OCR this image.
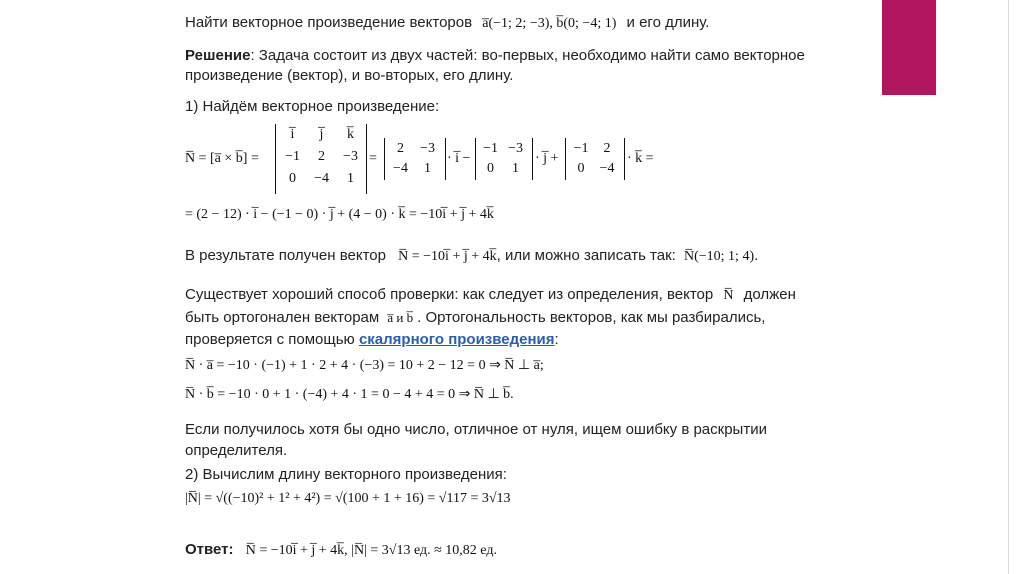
Найти векторное произведение векторов a̅(−1; 2; −3), b̅(0; −4; 1) и его длину.
Решение: Задача состоит из двух частей: во-первых, необходимо найти само векторное
произведение (вектор), и во-вторых, его длину.
1) Найдём векторное произведение:
N̅ = [a̅ × b̅] =
i̅	j̅	k̅
−1	2	−3
0	−4	1
=
2	−3
−4	1
· i̅ −
−1 −3
0	1
· j̅ +
−1	2
0	−4
· k̅ =
= (2 − 12) · i̅ − (−1 − 0) · j̅ + (4 − 0) · k̅ = −10i̅ + j̅ + 4k̅
В результате получен вектор N̅ = −10i̅ + j̅ + 4k̅, или можно записать так: N̅(−10; 1; 4).
Существует хороший способ проверки: как следует из определения, вектор N̅ должен
быть ортогонален векторам a̅ и b̅ . Ортогональность векторов, как мы разбирались,
проверяется с помощью скалярного произведения:
N̅ · a̅ = −10 · (−1) + 1 · 2 + 4 · (−3) = 10 + 2 − 12 = 0 ⇒ N̅ ⊥ a̅;
N̅ · b̅ = −10 · 0 + 1 · (−4) + 4 · 1 = 0 − 4 + 4 = 0 ⇒ N̅ ⊥ b̅.
Если получилось хотя бы одно число, отличное от нуля, ищем ошибку в раскрытии
определителя.
2) Вычислим длину векторного произведения:
|N̅| = √((−10)² + 1² + 4²) = √(100 + 1 + 16) = √117 = 3√13
Ответ: N̅ = −10i̅ + j̅ + 4k̅, |N̅| = 3√13 ед. ≈ 10,82 ед.
